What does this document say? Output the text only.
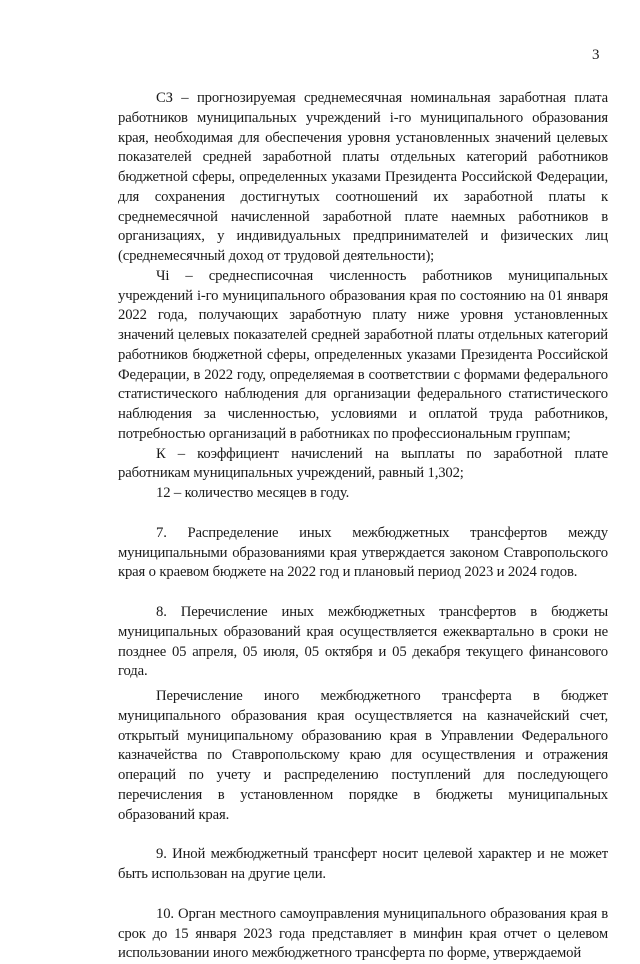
3

СЗ – прогнозируемая среднемесячная номинальная заработная плата работников муниципальных учреждений i-го муниципального образования края, необходимая для обеспечения уровня установленных значений целевых показателей средней заработной платы отдельных категорий работников бюджетной сферы, определенных указами Президента Российской Федерации, для сохранения достигнутых соотношений их заработной платы к среднемесячной начисленной заработной плате наемных работников в организациях, у индивидуальных предпринимателей и физических лиц (среднемесячный доход от трудовой деятельности);

Чi – среднесписочная численность работников муниципальных учреждений i-го муниципального образования края по состоянию на 01 января 2022 года, получающих заработную плату ниже уровня установленных значений целевых показателей средней заработной платы отдельных категорий работников бюджетной сферы, определенных указами Президента Российской Федерации, в 2022 году, определяемая в соответствии с формами федерального статистического наблюдения для организации федерального статистического наблюдения за численностью, условиями и оплатой труда работников, потребностью организаций в работниках по профессиональным группам;

К – коэффициент начислений на выплаты по заработной плате работникам муниципальных учреждений, равный 1,302;

12 – количество месяцев в году.

7. Распределение иных межбюджетных трансфертов между муниципальными образованиями края утверждается законом Ставропольского края о краевом бюджете на 2022 год и плановый период 2023 и 2024 годов.

8. Перечисление иных межбюджетных трансфертов в бюджеты муниципальных образований края осуществляется ежеквартально в сроки не позднее 05 апреля, 05 июля, 05 октября и 05 декабря текущего финансового года.

Перечисление иного межбюджетного трансферта в бюджет муниципального образования края осуществляется на казначейский счет, открытый муниципальному образованию края в Управлении Федерального казначейства по Ставропольскому краю для осуществления и отражения операций по учету и распределению поступлений для последующего перечисления в установленном порядке в бюджеты муниципальных образований края.

9. Иной межбюджетный трансферт носит целевой характер и не может быть использован на другие цели.

10. Орган местного самоуправления муниципального образования края в срок до 15 января 2023 года представляет в минфин края отчет о целевом использовании иного межбюджетного трансферта по форме, утверждаемой
